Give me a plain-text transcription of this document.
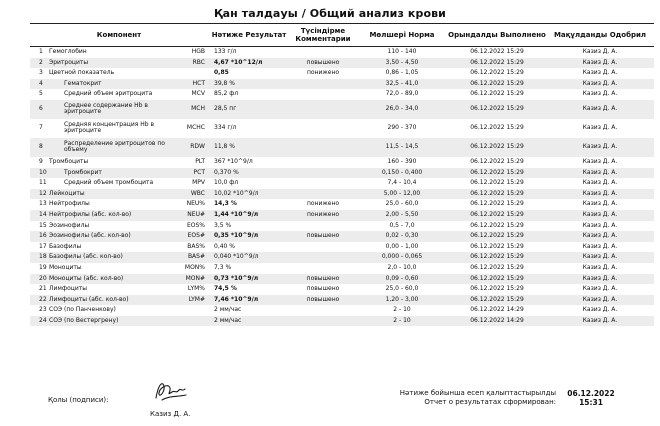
Қан талдауы / Общий анализ крови
Компонент			Нәтиже Результат	Түсіндірме Комментарии	Мөлшері Норма	Орындалды Выполнено	Мақұлданды Одобрил
1	Гемоглобин	HGB	133 г/л		110 - 140	06.12.2022 15:29	Казиз Д. А.
2	Эритроциты	RBC	4,67 *10^12/л	повышено	3,50 - 4,50	06.12.2022 15:29	Казиз Д. А.
3	Цветной показатель		0,85	понижено	0,86 - 1,05	06.12.2022 15:29	Казиз Д. А.
4	Гематокрит	HCT	39,8 %		32,5 - 41,0	06.12.2022 15:29	Казиз Д. А.
5	Средний объем эритроцита	MCV	85,2 фл		72,0 - 89,0	06.12.2022 15:29	Казиз Д. А.
6	Среднее содержание Hb в эритроците	MCH	28,5 пг		26,0 - 34,0	06.12.2022 15:29	Казиз Д. А.
7	Средняя концентрация Hb в эритроците	MCHC	334 г/л		290 - 370	06.12.2022 15:29	Казиз Д. А.
8	Распределение эритроцитов по объему	RDW	11,8 %		11,5 - 14,5	06.12.2022 15:29	Казиз Д. А.
9	Тромбоциты	PLT	367 *10^9/л		160 - 390	06.12.2022 15:29	Казиз Д. А.
10	Тромбокрит	PCT	0,370 %		0,150 - 0,400	06.12.2022 15:29	Казиз Д. А.
11	Средний объем тромбоцита	MPV	10,0 фл		7,4 - 10,4	06.12.2022 15:29	Казиз Д. А.
12	Лейкоциты	WBC	10,02 *10^9/л		5,00 - 12,00	06.12.2022 15:29	Казиз Д. А.
13	Нейтрофилы	NEU%	14,3 %	понижено	25,0 - 60,0	06.12.2022 15:29	Казиз Д. А.
14	Нейтрофилы (абс. кол-во)	NEU#	1,44 *10^9/л	понижено	2,00 - 5,50	06.12.2022 15:29	Казиз Д. А.
15	Эозинофилы	EOS%	3,5 %		0,5 - 7,0	06.12.2022 15:29	Казиз Д. А.
16	Эозинофилы (абс. кол-во)	EOS#	0,35 *10^9/л	повышено	0,02 - 0,30	06.12.2022 15:29	Казиз Д. А.
17	Базофилы	BAS%	0,40 %		0,00 - 1,00	06.12.2022 15:29	Казиз Д. А.
18	Базофилы (абс. кол-во)	BAS#	0,040 *10^9/л		0,000 - 0,065	06.12.2022 15:29	Казиз Д. А.
19	Моноциты	MON%	7,3 %		2,0 - 10,0	06.12.2022 15:29	Казиз Д. А.
20	Моноциты (абс. кол-во)	MON#	0,73 *10^9/л	повышено	0,09 - 0,60	06.12.2022 15:29	Казиз Д. А.
21	Лимфоциты	LYM%	74,5 %	повышено	25,0 - 60,0	06.12.2022 15:29	Казиз Д. А.
22	Лимфоциты (абс. кол-во)	LYM#	7,46 *10^9/л	повышено	1,20 - 3,00	06.12.2022 15:29	Казиз Д. А.
23	СОЭ (по Панченкову)		2 мм/час		2 - 10	06.12.2022 14:29	Казиз Д. А.
24	СОЭ (по Вестергрену)		2 мм/час		2 - 10	06.12.2022 14:29	Казиз Д. А.
Қолы (подписи):
Казиз Д. А.
Нәтиже бойынша есеп қалыптастырылды	06.12.2022
Отчет о результатах сформирован:	15:31
